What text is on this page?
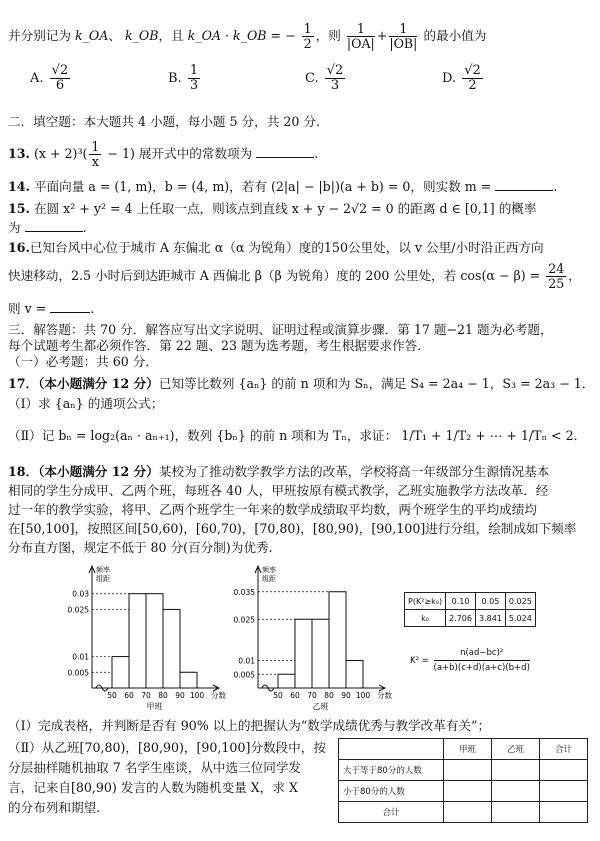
并分别记为 k_OA、 k_OB，且 k_OA · k_OB = − $\frac{1}{2}$ ，则 $\frac{1}{|OA|} + \frac{1}{|OB|}$ 的最小值为
A. $\frac{√2}{6}$	B. $\frac{1}{3}$	C. $\frac{√2}{3}$	D. $\frac{√2}{2}$
二．填空题：本大题共 4 小题，每小题 5 分，共 20 分.
13. $(x + 2)^3( \frac{1}{x} - 1)$ 展开式中的常数项为	.
14. 平面向量 a = (1, m)，b = (4, m)，若有 (2|a| − |b|)(a + b) = 0，则实数 m =	.
15. 在圆 x² + y² = 4 上任取一点，则该点到直线 x + y − 2√2 = 0 的距离 d ∈ [0,1] 的概率
为	.
16.已知台风中心位于城市 A 东偏北 α（α 为锐角）度的150公里处，以 v 公里/小时沿正西方向
快速移动，2.5 小时后到达距城市 A 西偏北 β（β 为锐角）度的 200 公里处，若 $\cos(\alpha - \beta) = \frac{24}{25}$ ，
则 v =	.
三．解答题：共 70 分．解答应写出文字说明、证明过程或演算步骤．第 17 题−21 题为必考题，
每个试题考生都必须作答．第 22 题、23 题为选考题，考生根据要求作答．
（一）必考题：共 60 分．
17．（本小题满分 12 分）已知等比数列 {aₙ} 的前 n 项和为 Sₙ，满足 S₄ = 2a₄ − 1，S₃ = 2a₃ − 1．
（Ⅰ）求 {aₙ} 的通项公式；
（Ⅱ）记 bₙ = log₂(aₙ · aₙ₊₁)，数列 {bₙ} 的前 n 项和为 Tₙ，求证： 1/T₁ + 1/T₂ + ⋯ + 1/Tₙ < 2．
18．（本小题满分 12 分）某校为了推动数学教学方法的改革，学校将高一年级部分生源情况基本
相同的学生分成甲、乙两个班，每班各 40 人，甲班按原有模式教学，乙班实施教学方法改革．经
过一年的教学实验，将甲、乙两个班学生一年来的数学成绩取平均数，两个班学生的平均成绩均
在[50,100]，按照区间[50,60)，[60,70)，[70,80)，[80,90)，[90,100]进行分组，绘制成如下频率
分布直方图，规定不低于 80 分(百分制)为优秀.
频率
组距
0.03
0.025
0.01
0.005
50 60 70 80 90 100 分数
甲班
频率
组距
0.035
0.025
0.01
0.005
50 60 70 80 90 100 分数
乙班
P(K²≥k₀)	0.10	0.05	0.025
k₀	2.706	3.841	5.024
$K^2 = \frac{\text{n(ad−bc)²}}{(a+b)(c+d)(a+c)(b+d)}$
（Ⅰ）完成表格，并判断是否有 90% 以上的把握认为“数学成绩优秀与教学改革有关”；
（Ⅱ）从乙班[70,80)，[80,90)，[90,100]分数段中，按
分层抽样随机抽取 7 名学生座谈，从中选三位同学发
言，记来自[80,90) 发言的人数为随机变量 X，求 X
的分布列和期望.
	甲班	乙班	合计
大于等于80分的人数			
小于80分的人数			
合计			
